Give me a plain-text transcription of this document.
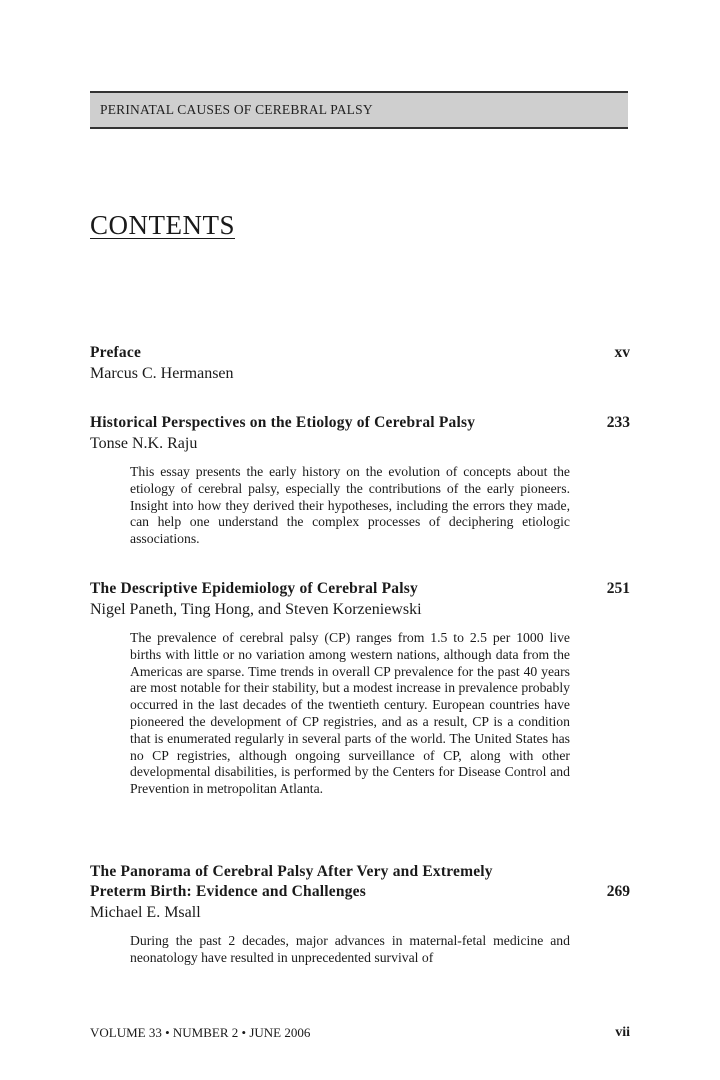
PERINATAL CAUSES OF CEREBRAL PALSY
CONTENTS
xv
Preface
Marcus C. Hermansen
233
Historical Perspectives on the Etiology of Cerebral Palsy
Tonse N.K. Raju
This essay presents the early history on the evolution of concepts about the etiology of cerebral palsy, especially the contributions of the early pioneers. Insight into how they derived their hypotheses, including the errors they made, can help one understand the complex processes of deciphering etiologic associations.
251
The Descriptive Epidemiology of Cerebral Palsy
Nigel Paneth, Ting Hong, and Steven Korzeniewski
The prevalence of cerebral palsy (CP) ranges from 1.5 to 2.5 per 1000 live births with little or no variation among western nations, although data from the Americas are sparse. Time trends in overall CP prevalence for the past 40 years are most notable for their stability, but a modest increase in prevalence probably occurred in the last decades of the twentieth century. European countries have pioneered the development of CP registries, and as a result, CP is a condition that is enumerated regularly in several parts of the world. The United States has no CP registries, although ongoing surveillance of CP, along with other developmental disabilities, is performed by the Centers for Disease Control and Prevention in metropolitan Atlanta.
269
The Panorama of Cerebral Palsy After Very and Extremely Preterm Birth: Evidence and Challenges
Michael E. Msall
During the past 2 decades, major advances in maternal-fetal medicine and neonatology have resulted in unprecedented survival of
VOLUME 33 • NUMBER 2 • JUNE 2006	vii
